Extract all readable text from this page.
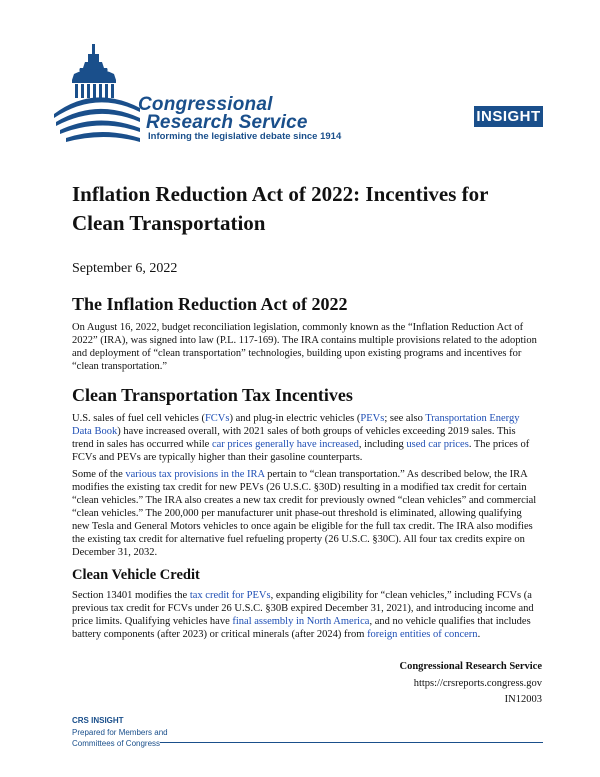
Congressional
Research Service
Informing the legislative debate since 1914
INSIGHT
Inflation Reduction Act of 2022: Incentives for Clean Transportation
September 6, 2022
The Inflation Reduction Act of 2022

On August 16, 2022, budget reconciliation legislation, commonly known as the “Inflation Reduction Act of 2022” (IRA), was signed into law (P.L. 117-169). The IRA contains multiple provisions related to the adoption and deployment of “clean transportation” technologies, building upon existing programs and incentives for “clean transportation.”

Clean Transportation Tax Incentives

U.S. sales of fuel cell vehicles (FCVs) and plug-in electric vehicles (PEVs; see also Transportation Energy Data Book) have increased overall, with 2021 sales of both groups of vehicles exceeding 2019 sales. This trend in sales has occurred while car prices generally have increased, including used car prices. The prices of FCVs and PEVs are typically higher than their gasoline counterparts.

Some of the various tax provisions in the IRA pertain to “clean transportation.” As described below, the IRA modifies the existing tax credit for new PEVs (26 U.S.C. §30D) resulting in a modified tax credit for certain “clean vehicles.” The IRA also creates a new tax credit for previously owned “clean vehicles” and commercial “clean vehicles.” The 200,000 per manufacturer unit phase-out threshold is eliminated, allowing qualifying new Tesla and General Motors vehicles to once again be eligible for the full tax credit. The IRA also modifies the existing tax credit for alternative fuel refueling property (26 U.S.C. §30C). All four tax credits expire on December 31, 2032.

Clean Vehicle Credit

Section 13401 modifies the tax credit for PEVs, expanding eligibility for “clean vehicles,” including FCVs (a previous tax credit for FCVs under 26 U.S.C. §30B expired December 31, 2021), and introducing income and price limits. Qualifying vehicles have final assembly in North America, and no vehicle qualifies that includes battery components (after 2023) or critical minerals (after 2024) from foreign entities of concern.

Congressional Research Service
https://crsreports.congress.gov
IN12003
CRS INSIGHT
Prepared for Members and Committees of Congress
